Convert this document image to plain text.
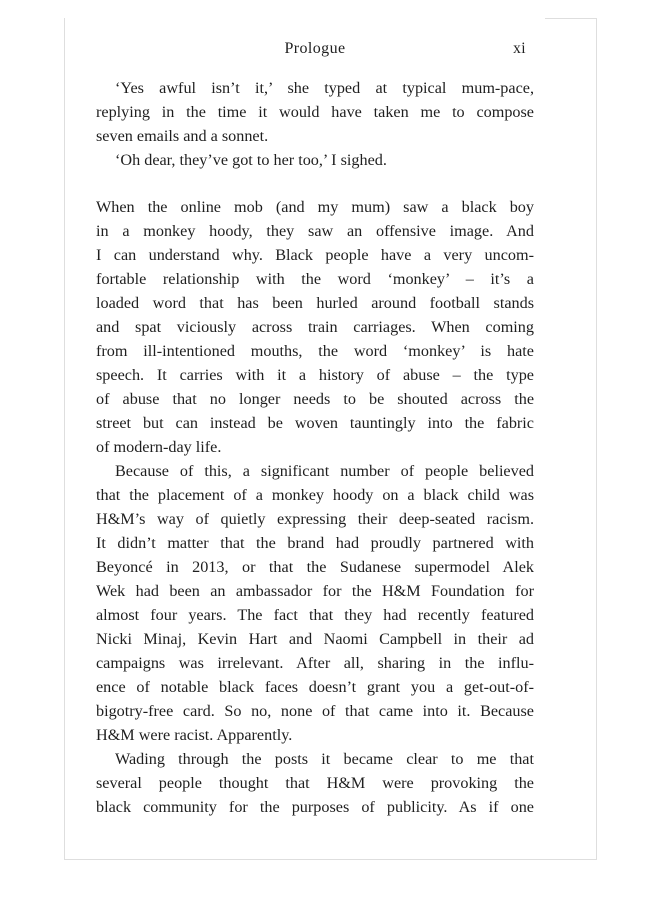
Prologue	xi
‘Yes awful isn’t it,’ she typed at typical mum-pace,
replying in the time it would have taken me to compose
seven emails and a sonnet.
‘Oh dear, they’ve got to her too,’ I sighed.
When the online mob (and my mum) saw a black boy
in a monkey hoody, they saw an offensive image. And
I can understand why. Black people have a very uncom-
fortable relationship with the word ‘monkey’ – it’s a
loaded word that has been hurled around football stands
and spat viciously across train carriages. When coming
from ill-intentioned mouths, the word ‘monkey’ is hate
speech. It carries with it a history of abuse – the type
of abuse that no longer needs to be shouted across the
street but can instead be woven tauntingly into the fabric
of modern-day life.
Because of this, a significant number of people believed
that the placement of a monkey hoody on a black child was
H&M’s way of quietly expressing their deep-seated racism.
It didn’t matter that the brand had proudly partnered with
Beyoncé in 2013, or that the Sudanese supermodel Alek
Wek had been an ambassador for the H&M Foundation for
almost four years. The fact that they had recently featured
Nicki Minaj, Kevin Hart and Naomi Campbell in their ad
campaigns was irrelevant. After all, sharing in the influ-
ence of notable black faces doesn’t grant you a get-out-of-
bigotry-free card. So no, none of that came into it. Because
H&M were racist. Apparently.
Wading through the posts it became clear to me that
several people thought that H&M were provoking the
black community for the purposes of publicity. As if one
